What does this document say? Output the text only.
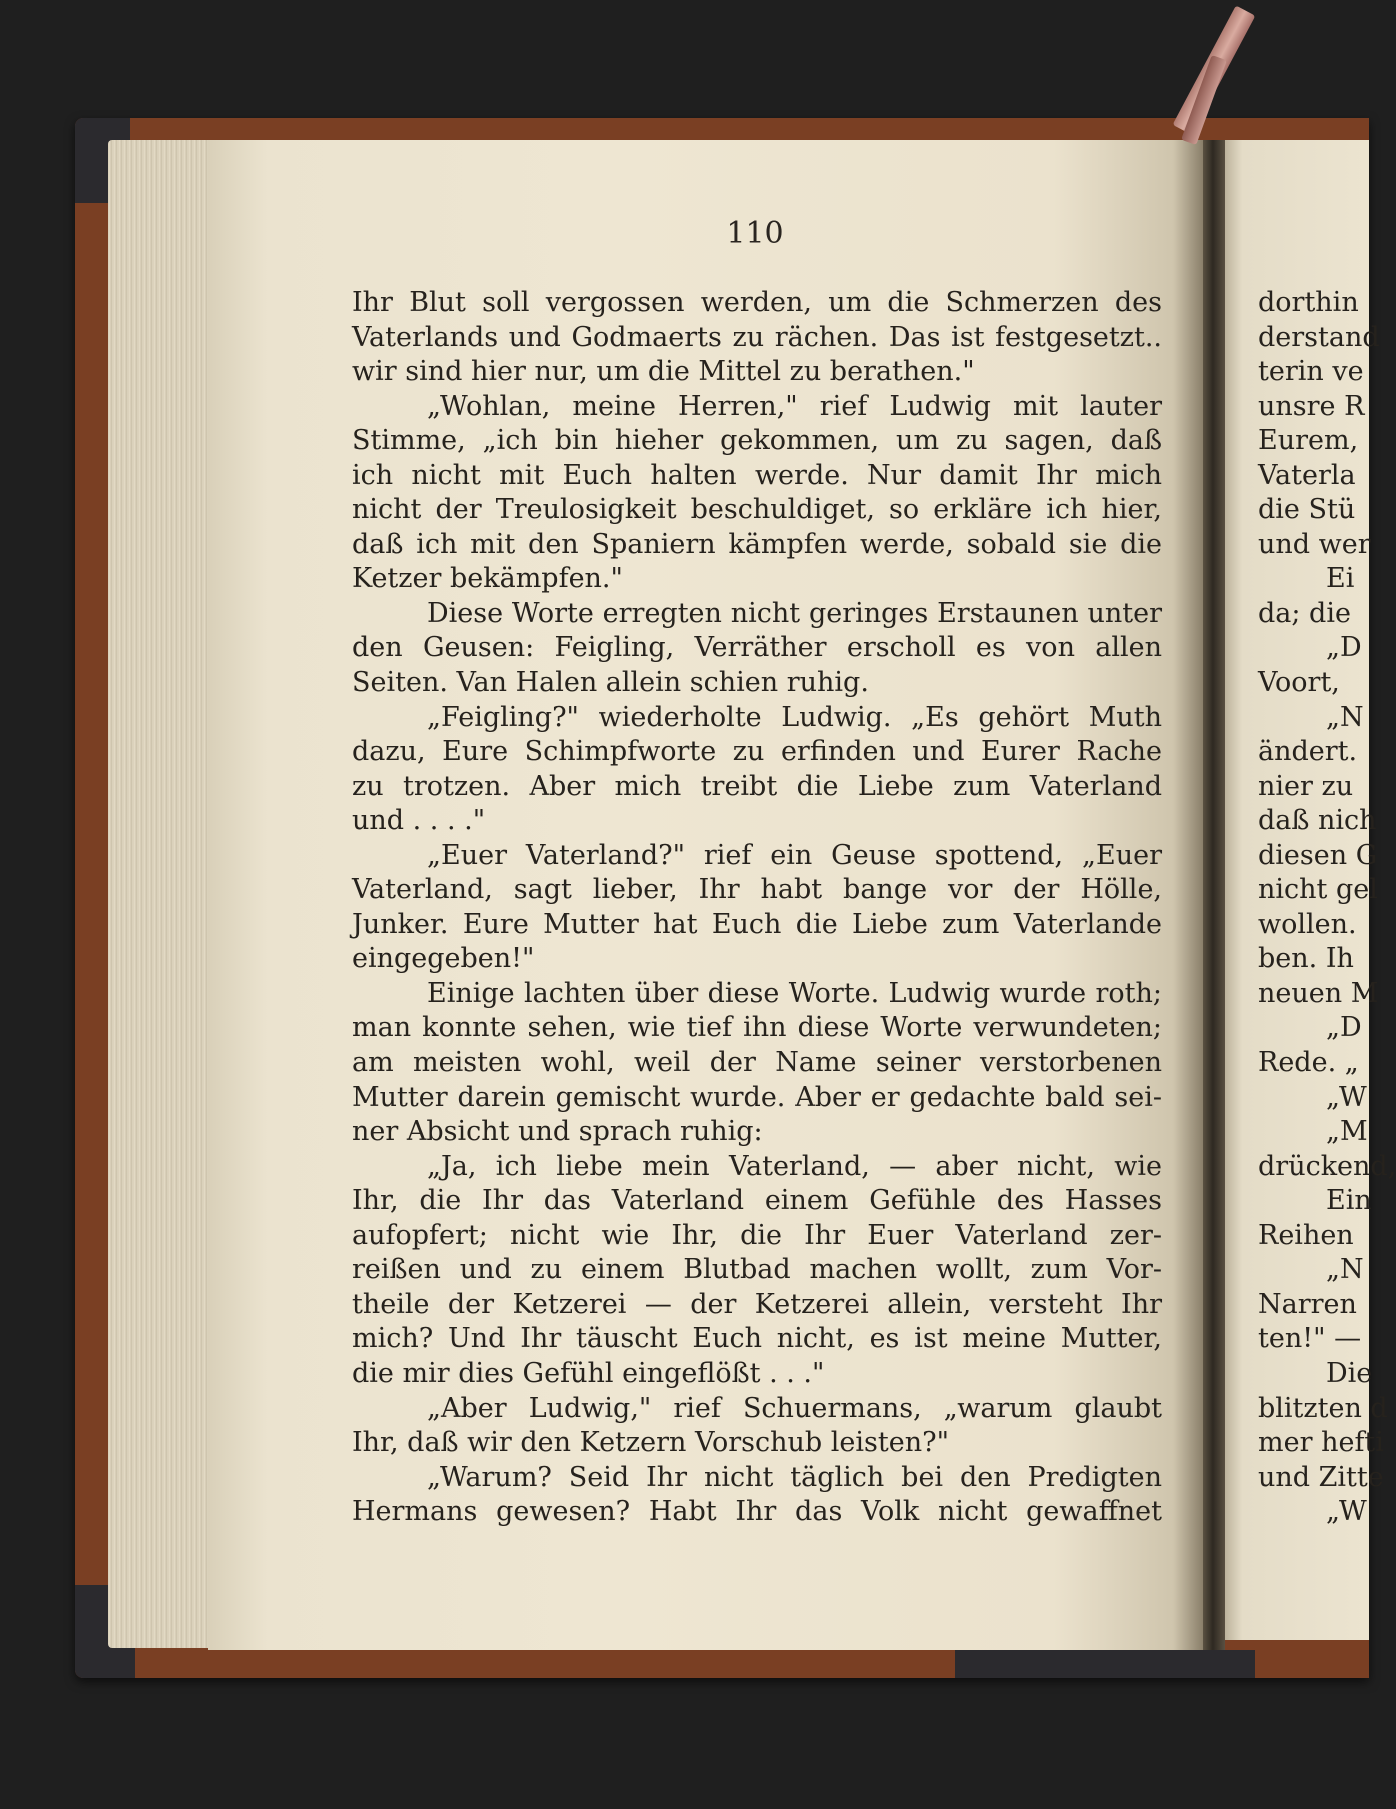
110
Ihr Blut soll vergossen werden, um die Schmerzen des
Vaterlands und Godmaerts zu rächen. Das ist festgesetzt..
wir sind hier nur, um die Mittel zu berathen."
„Wohlan, meine Herren," rief Ludwig mit lauter
Stimme, „ich bin hieher gekommen, um zu sagen, daß
ich nicht mit Euch halten werde. Nur damit Ihr mich
nicht der Treulosigkeit beschuldiget, so erkläre ich hier,
daß ich mit den Spaniern kämpfen werde, sobald sie die
Ketzer bekämpfen."
Diese Worte erregten nicht geringes Erstaunen unter
den Geusen: Feigling, Verräther erscholl es von allen
Seiten. Van Halen allein schien ruhig.
„Feigling?" wiederholte Ludwig. „Es gehört Muth
dazu, Eure Schimpfworte zu erfinden und Eurer Rache
zu trotzen. Aber mich treibt die Liebe zum Vaterland
und . . . ."
„Euer Vaterland?" rief ein Geuse spottend, „Euer
Vaterland, sagt lieber, Ihr habt bange vor der Hölle,
Junker. Eure Mutter hat Euch die Liebe zum Vaterlande
eingegeben!"
Einige lachten über diese Worte. Ludwig wurde roth;
man konnte sehen, wie tief ihn diese Worte verwundeten;
am meisten wohl, weil der Name seiner verstorbenen
Mutter darein gemischt wurde. Aber er gedachte bald sei-
ner Absicht und sprach ruhig:
„Ja, ich liebe mein Vaterland, — aber nicht, wie
Ihr, die Ihr das Vaterland einem Gefühle des Hasses
aufopfert; nicht wie Ihr, die Ihr Euer Vaterland zer-
reißen und zu einem Blutbad machen wollt, zum Vor-
theile der Ketzerei — der Ketzerei allein, versteht Ihr
mich? Und Ihr täuscht Euch nicht, es ist meine Mutter,
die mir dies Gefühl eingeflößt . . ."
„Aber Ludwig," rief Schuermans, „warum glaubt
Ihr, daß wir den Ketzern Vorschub leisten?"
„Warum? Seid Ihr nicht täglich bei den Predigten
Hermans gewesen? Habt Ihr das Volk nicht gewaffnet
dorthin
derstand
terin ve
unsre R
Eurem,
Vaterla
die Stü
und wer
Ei
da; die
„D
Voort,
„N
ändert.
nier zu
daß nich
diesen G
nicht gel
wollen.
ben. Ih
neuen M
„D
Rede. „
„W
„M
drückend,
Ein
Reihen
„N
Narren
ten!" —
Die
blitzten d
mer hefti
und Zitte
„W
